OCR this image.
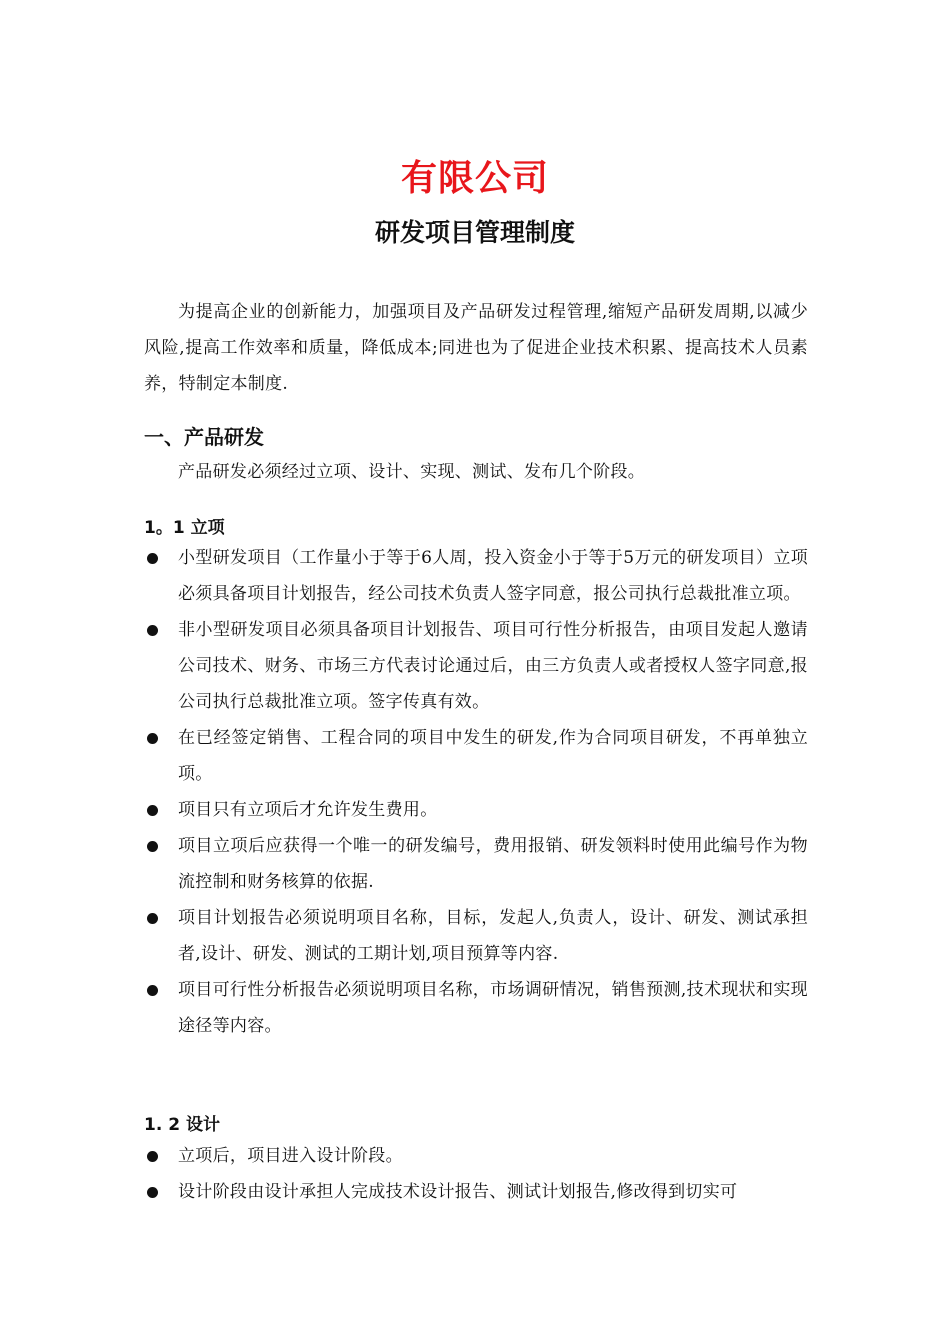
有限公司
研发项目管理制度

为提高企业的创新能力，加强项目及产品研发过程管理,缩短产品研发周期,以减少风险,提高工作效率和质量，降低成本;同进也为了促进企业技术积累、提高技术人员素养，特制定本制度.

一、产品研发
产品研发必须经过立项、设计、实现、测试、发布几个阶段。
1。1 立项
小型研发项目（工作量小于等于6人周，投入资金小于等于5万元的研发项目）立项必须具备项目计划报告，经公司技术负责人签字同意，报公司执行总裁批准立项。
非小型研发项目必须具备项目计划报告、项目可行性分析报告，由项目发起人邀请公司技术、财务、市场三方代表讨论通过后，由三方负责人或者授权人签字同意,报公司执行总裁批准立项。签字传真有效。
在已经签定销售、工程合同的项目中发生的研发,作为合同项目研发，不再单独立项。
项目只有立项后才允许发生费用。
项目立项后应获得一个唯一的研发编号，费用报销、研发领料时使用此编号作为物流控制和财务核算的依据.
项目计划报告必须说明项目名称，目标，发起人,负责人，设计、研发、测试承担者,设计、研发、测试的工期计划,项目预算等内容.
项目可行性分析报告必须说明项目名称，市场调研情况，销售预测,技术现状和实现途径等内容。
1. 2 设计
立项后，项目进入设计阶段。
设计阶段由设计承担人完成技术设计报告、测试计划报告,修改得到切实可
